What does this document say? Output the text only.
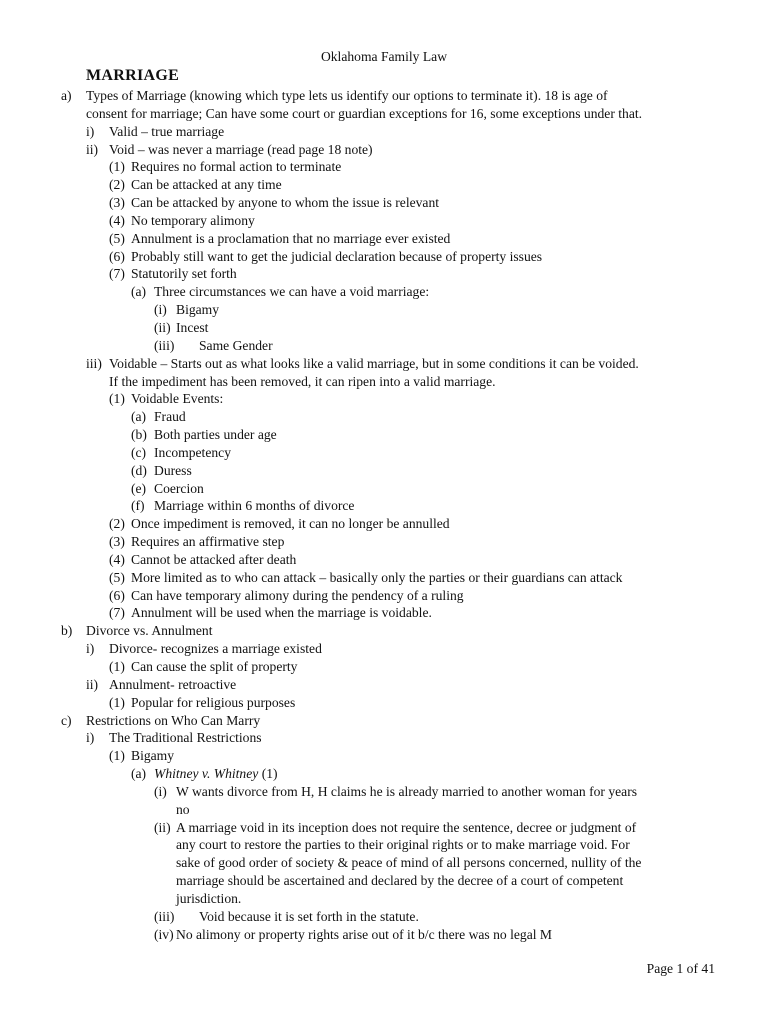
Oklahoma Family Law
MARRIAGE
a) Types of Marriage (knowing which type lets us identify our options to terminate it). 18 is age of
consent for marriage; Can have some court or guardian exceptions for 16, some exceptions under that.
i) Valid – true marriage
ii) Void – was never a marriage (read page 18 note)
(1) Requires no formal action to terminate
(2) Can be attacked at any time
(3) Can be attacked by anyone to whom the issue is relevant
(4) No temporary alimony
(5) Annulment is a proclamation that no marriage ever existed
(6) Probably still want to get the judicial declaration because of property issues
(7) Statutorily set forth
(a) Three circumstances we can have a void marriage:
(i) Bigamy
(ii) Incest
(iii) Same Gender
iii) Voidable – Starts out as what looks like a valid marriage, but in some conditions it can be voided.
If the impediment has been removed, it can ripen into a valid marriage.
(1) Voidable Events:
(a) Fraud
(b) Both parties under age
(c) Incompetency
(d) Duress
(e) Coercion
(f) Marriage within 6 months of divorce
(2) Once impediment is removed, it can no longer be annulled
(3) Requires an affirmative step
(4) Cannot be attacked after death
(5) More limited as to who can attack – basically only the parties or their guardians can attack
(6) Can have temporary alimony during the pendency of a ruling
(7) Annulment will be used when the marriage is voidable.
b) Divorce vs. Annulment
i) Divorce- recognizes a marriage existed
(1) Can cause the split of property
ii) Annulment- retroactive
(1) Popular for religious purposes
c) Restrictions on Who Can Marry
i) The Traditional Restrictions
(1) Bigamy
(a) Whitney v. Whitney (1)
(i) W wants divorce from H, H claims he is already married to another woman for years
no
(ii) A marriage void in its inception does not require the sentence, decree or judgment of
any court to restore the parties to their original rights or to make marriage void. For
sake of good order of society & peace of mind of all persons concerned, nullity of the
marriage should be ascertained and declared by the decree of a court of competent
jurisdiction.
(iii) Void because it is set forth in the statute.
(iv) No alimony or property rights arise out of it b/c there was no legal M
Page 1 of 41
